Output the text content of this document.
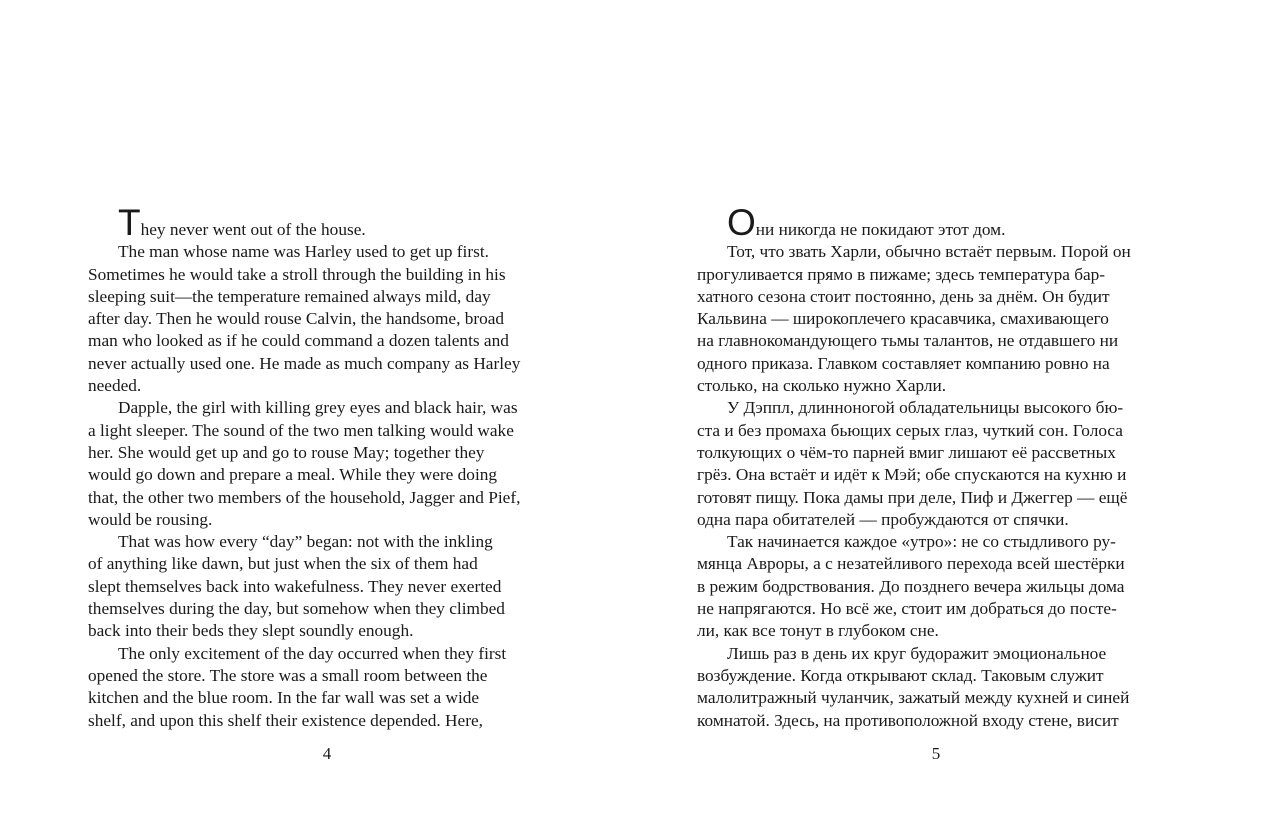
They never went out of the house.

The man whose name was Harley used to get up first.
Sometimes he would take a stroll through the building in his
sleeping suit—the temperature remained always mild, day
after day. Then he would rouse Calvin, the handsome, broad
man who looked as if he could command a dozen talents and
never actually used one. He made as much company as Harley
needed.

Dapple, the girl with killing grey eyes and black hair, was
a light sleeper. The sound of the two men talking would wake
her. She would get up and go to rouse May; together they
would go down and prepare a meal. While they were doing
that, the other two members of the household, Jagger and Pief,
would be rousing.

That was how every “day” began: not with the inkling
of anything like dawn, but just when the six of them had
slept themselves back into wakefulness. They never exerted
themselves during the day, but somehow when they climbed
back into their beds they slept soundly enough.

The only excitement of the day occurred when they first
opened the store. The store was a small room between the
kitchen and the blue room. In the far wall was set a wide
shelf, and upon this shelf their existence depended. Here,

4

Они никогда не покидают этот дом.

Тот, что звать Харли, обычно встаёт первым. Порой он
прогуливается прямо в пижаме; здесь температура бар-
хатного сезона стоит постоянно, день за днём. Он будит
Кальвина — широкоплечего красавчика, смахивающего
на главнокомандующего тьмы талантов, не отдавшего ни
одного приказа. Главком составляет компанию ровно на
столько, на сколько нужно Харли.

У Дэппл, длинноногой обладательницы высокого бю-
ста и без промаха бьющих серых глаз, чуткий сон. Голоса
толкующих о чём-то парней вмиг лишают её рассветных
грёз. Она встаёт и идёт к Мэй; обе спускаются на кухню и
готовят пищу. Пока дамы при деле, Пиф и Джеггер — ещё
одна пара обитателей — пробуждаются от спячки.

Так начинается каждое «утро»: не со стыдливого ру-
мянца Авроры, а с незатейливого перехода всей шестёрки
в режим бодрствования. До позднего вечера жильцы дома
не напрягаются. Но всё же, стоит им добраться до посте-
ли, как все тонут в глубоком сне.

Лишь раз в день их круг будоражит эмоциональное
возбуждение. Когда открывают склад. Таковым служит
малолитражный чуланчик, зажатый между кухней и синей
комнатой. Здесь, на противоположной входу стене, висит

5
